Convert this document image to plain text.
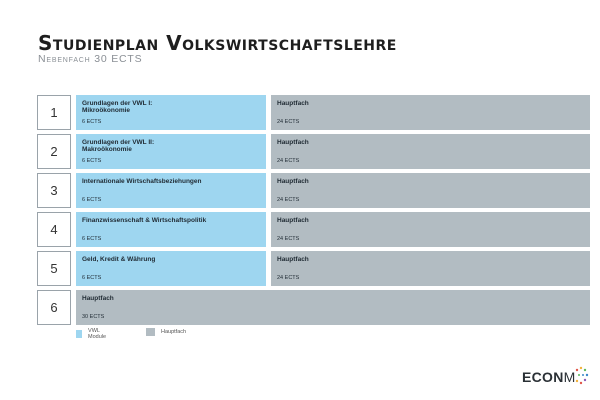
Studienplan Volkswirtschaftslehre
Nebenfach 30 ECTS
1
Grundlagen der VWL I:
Mikroökonomie
6 ECTS
Hauptfach
24 ECTS
2
Grundlagen der VWL II:
Makroökonomie
6 ECTS
Hauptfach
24 ECTS
3
Internationale Wirtschaftsbeziehungen
6 ECTS
Hauptfach
24 ECTS
4
Finanzwissenschaft & Wirtschaftspolitik
6 ECTS
Hauptfach
24 ECTS
5
Geld, Kredit & Währung
6 ECTS
Hauptfach
24 ECTS
6
Hauptfach
30 ECTS
VWL Module
Hauptfach
ECON M
